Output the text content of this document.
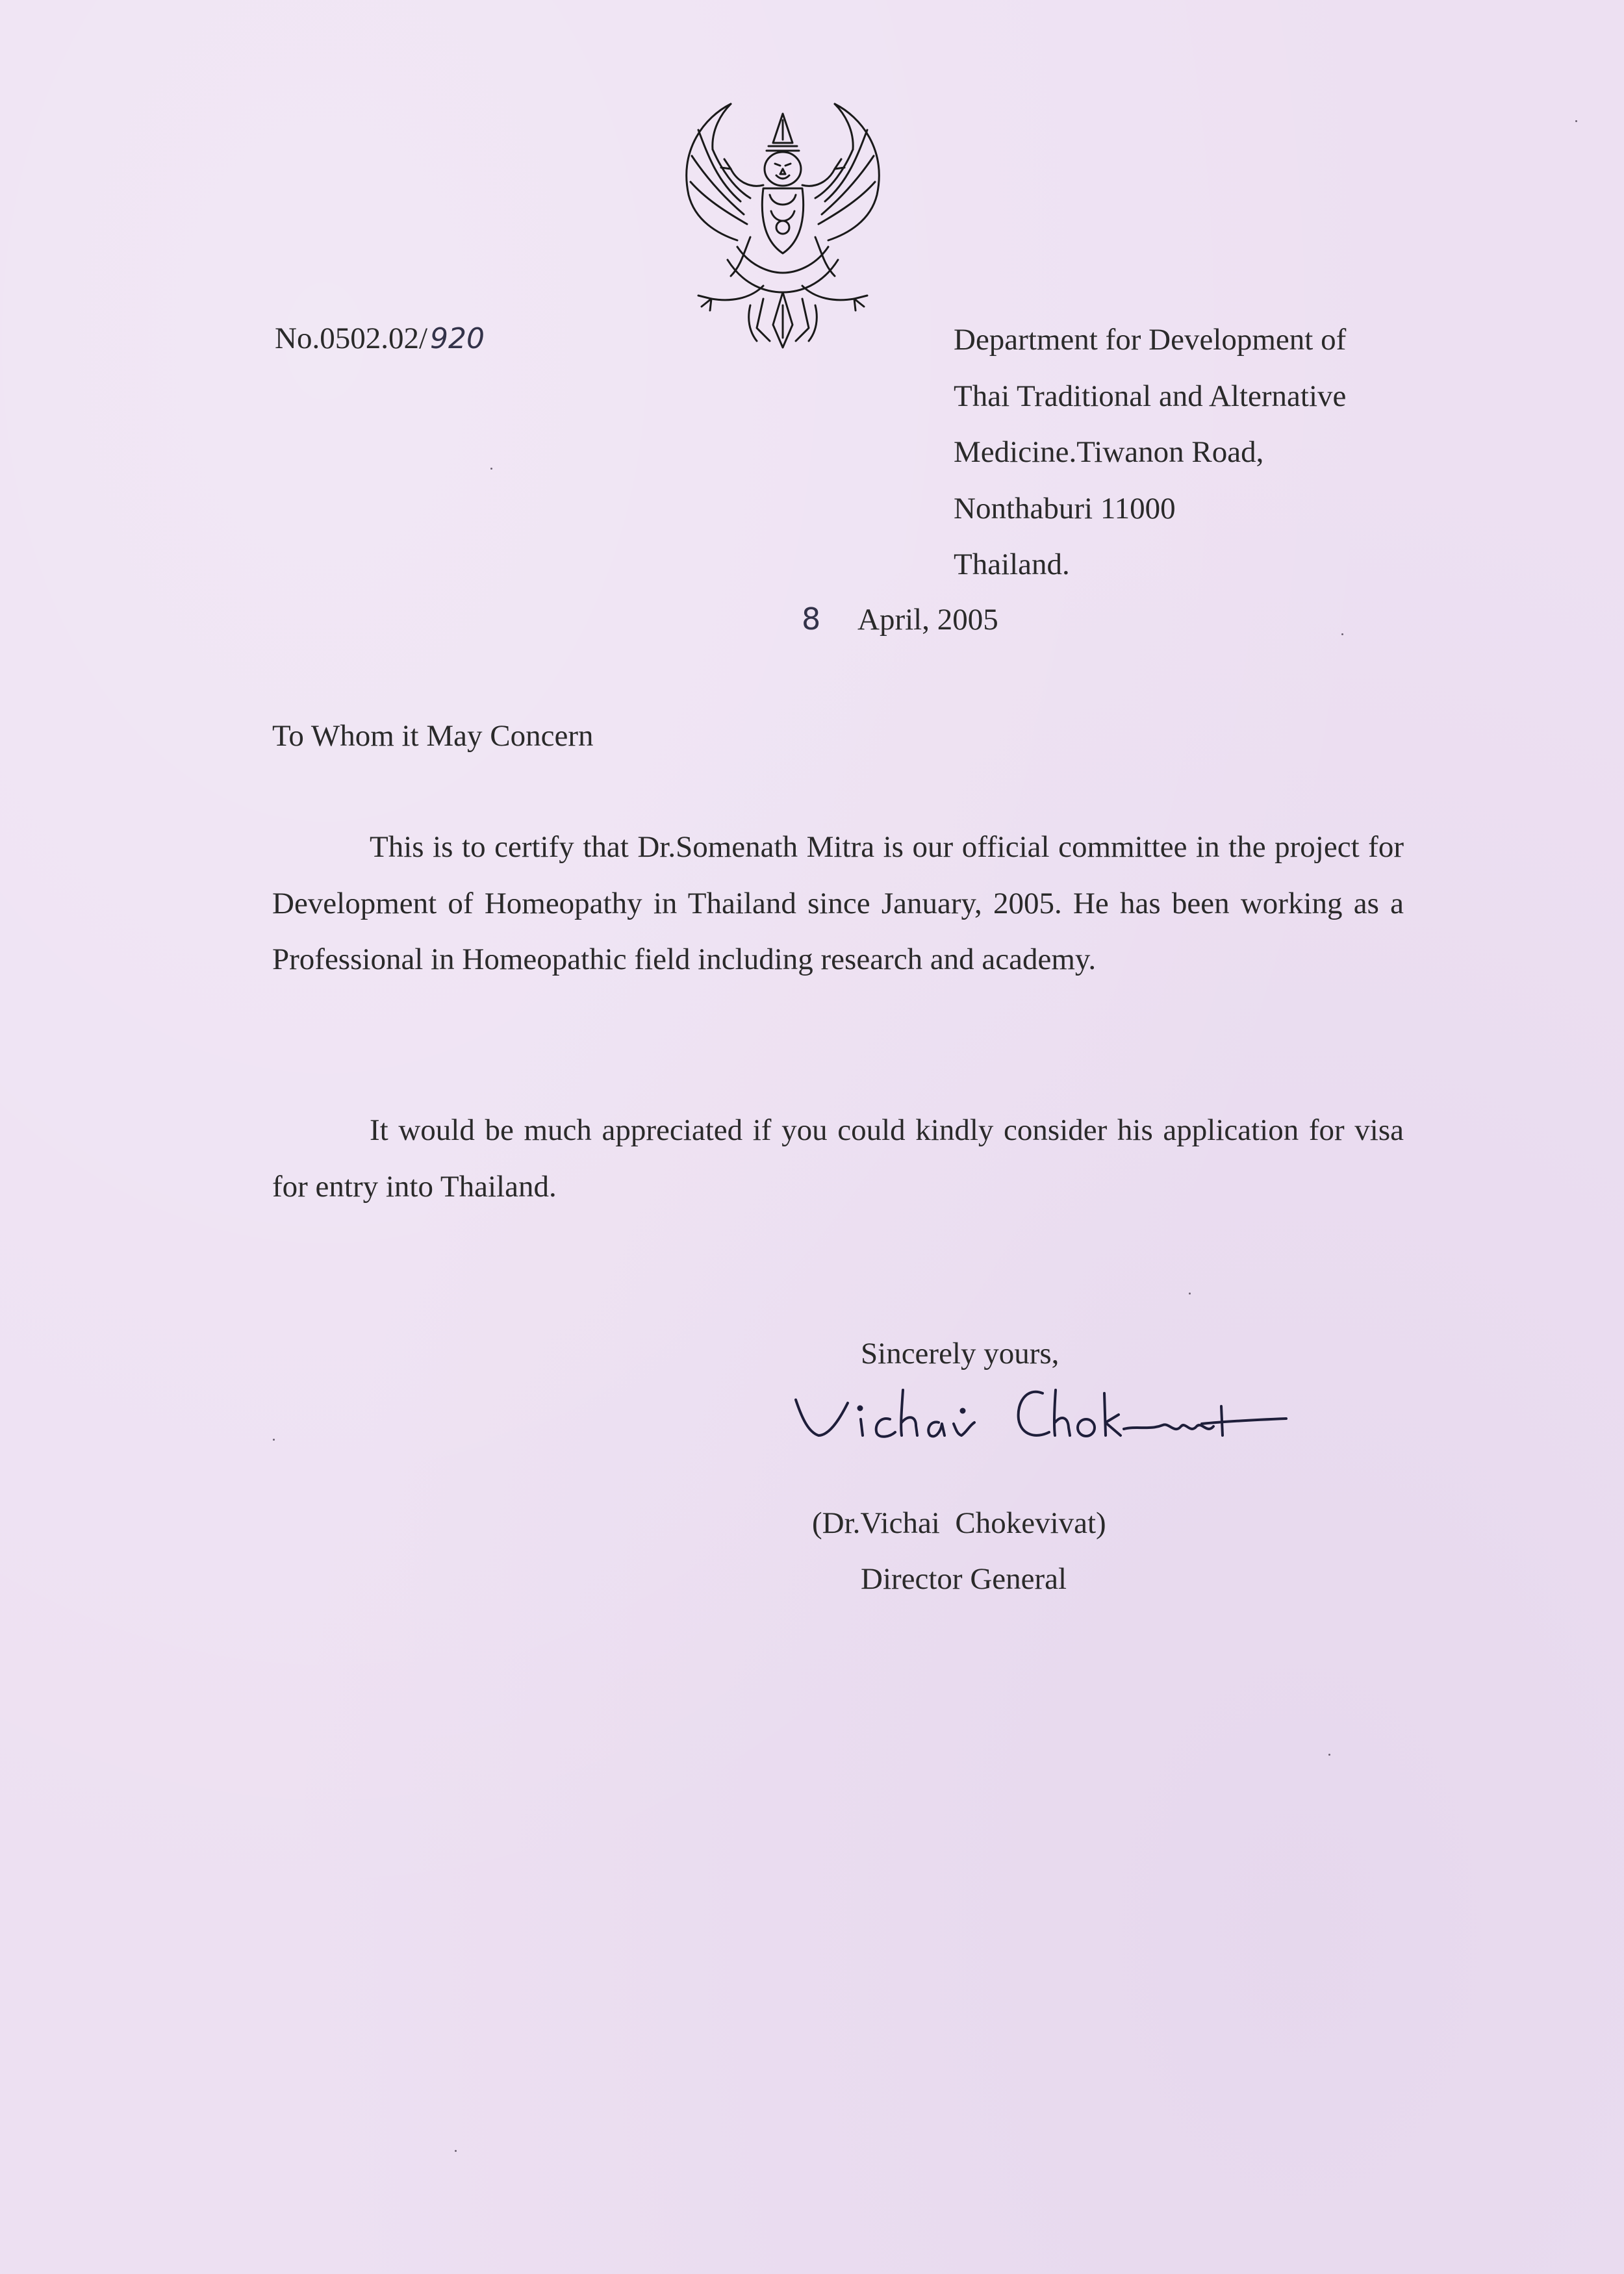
No.0502.02/920	Department for Development of
Thai Traditional and Alternative
Medicine.Tiwanon Road,
Nonthaburi 11000
Thailand.
8 April, 2005
To Whom it May Concern
This is to certify that Dr.Somenath Mitra is our official committee in the project for Development of Homeopathy in Thailand since January, 2005. He has been working as a Professional in Homeopathic field including research and academy.
It would be much appreciated if you could kindly consider his application for visa for entry into Thailand.
Sincerely yours,
(Dr.Vichai  Chokevivat)
Director General
